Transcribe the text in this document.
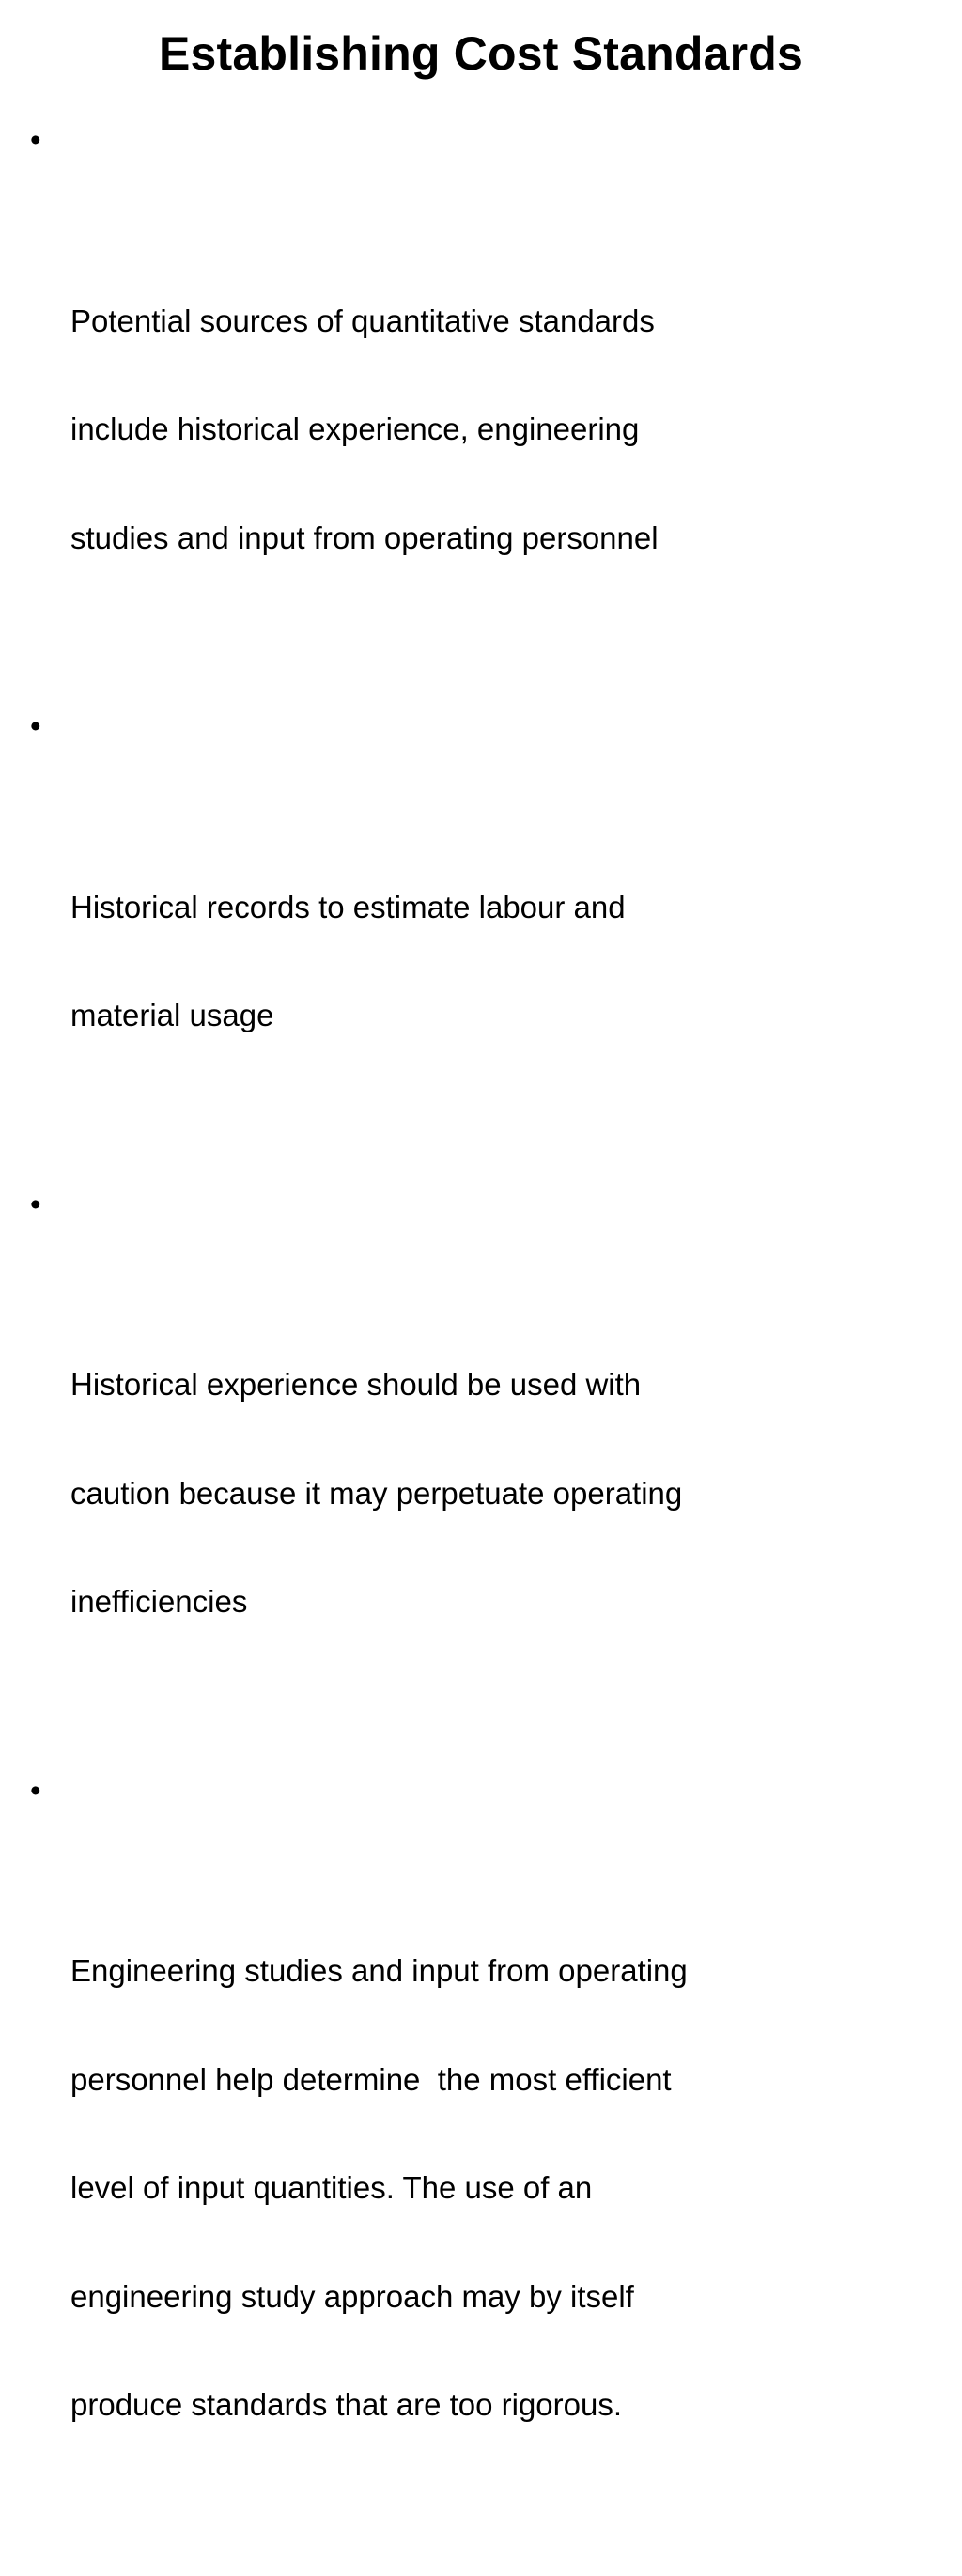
Establishing Cost Standards

•

Potential sources of quantitative standards

include historical experience, engineering

studies and input from operating personnel

•

Historical records to estimate labour and

material usage

•

Historical experience should be used with

caution because it may perpetuate operating

inefficiencies

•

Engineering studies and input from operating

personnel help determine  the most efficient

level of input quantities. The use of an

engineering study approach may by itself

produce standards that are too rigorous.
